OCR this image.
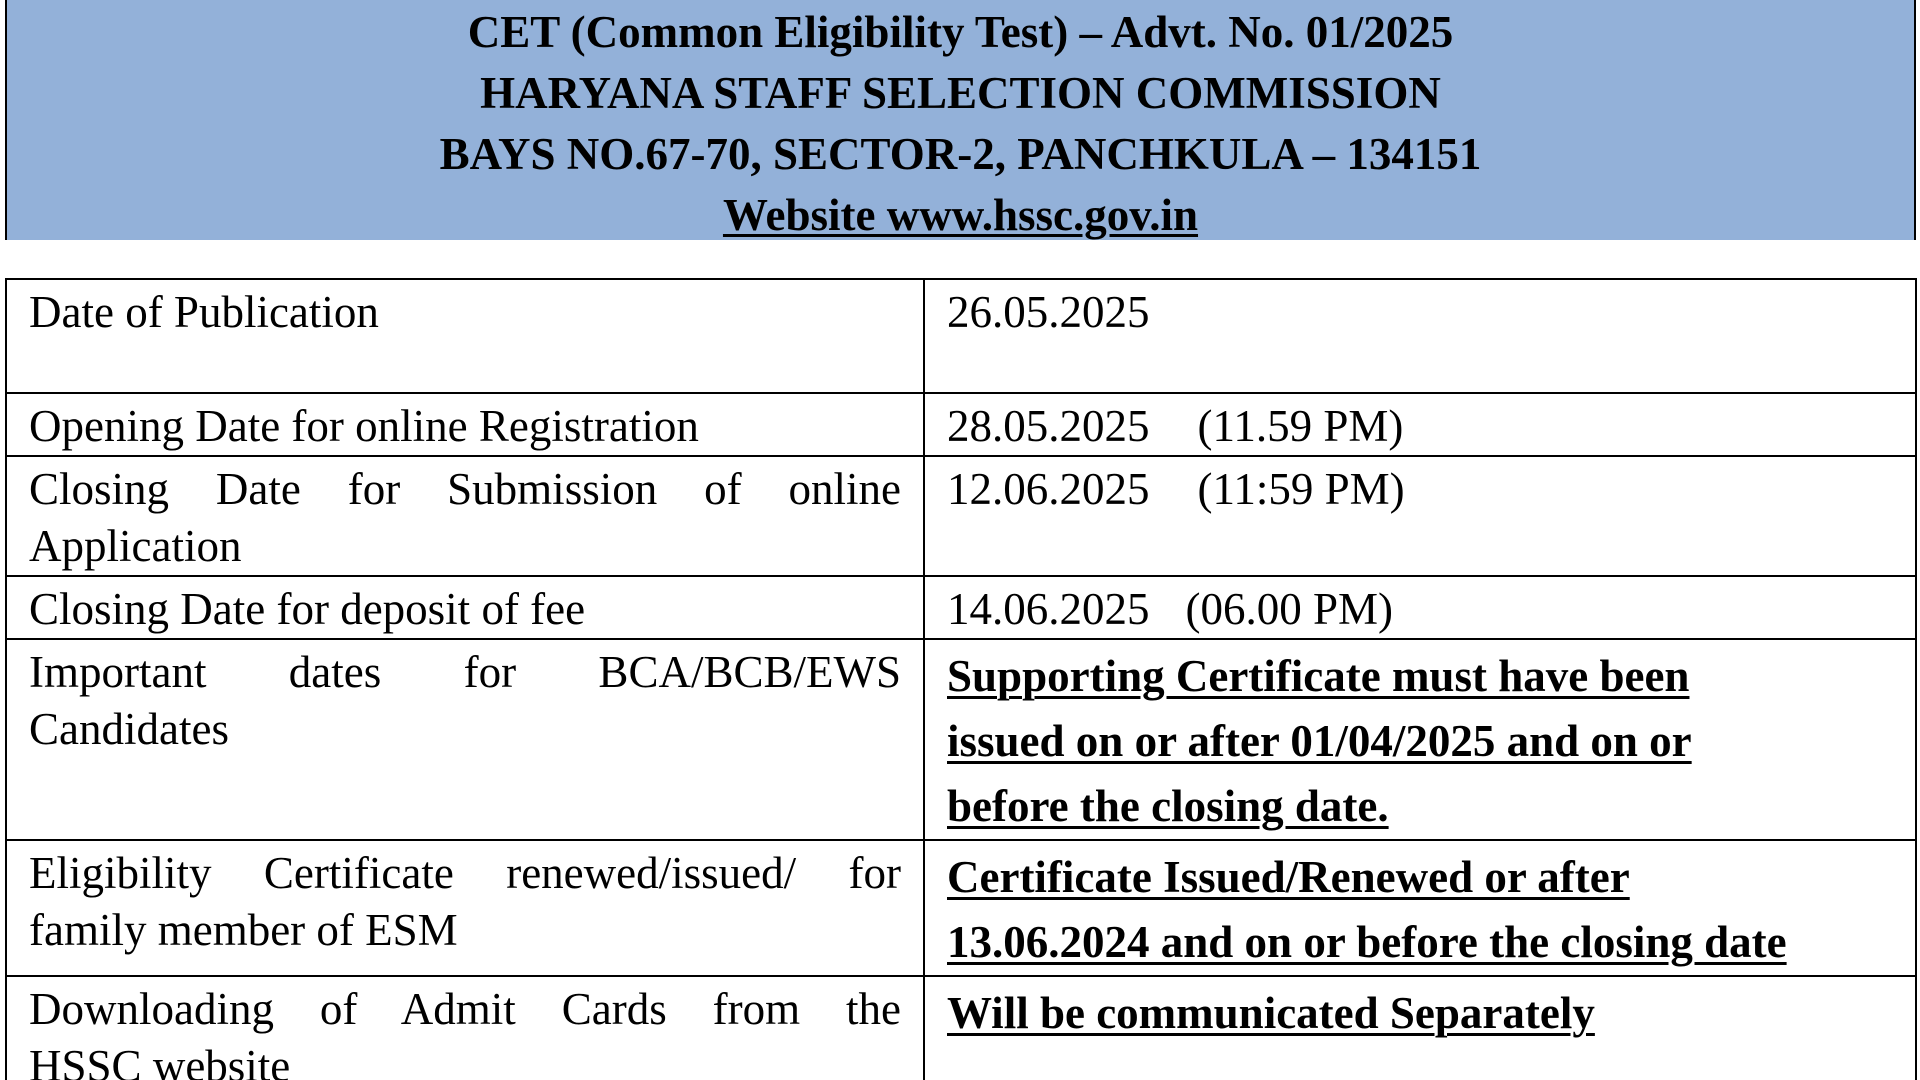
CET (Common Eligibility Test) – Advt. No. 01/2025
HARYANA STAFF SELECTION COMMISSION
BAYS NO.67-70, SECTOR-2, PANCHKULA – 134151
Website www.hssc.gov.in
Date of Publication	26.05.2025
Opening Date for online Registration	28.05.2025 (11.59 PM)

Closing Date for Submission of online
Application	12.06.2025 (11:59 PM)
Closing Date for deposit of fee	14.06.2025 (06.00 PM)

Important dates for BCA/BCB/EWS
Candidates	Supporting Certificate must have been
issued on or after 01/04/2025 and on or
before the closing date.

Eligibility Certificate renewed/issued/ for
family member of ESM	Certificate Issued/Renewed or after
13.06.2024 and on or before the closing date

Downloading of Admit Cards from the
HSSC website	Will be communicated Separately
